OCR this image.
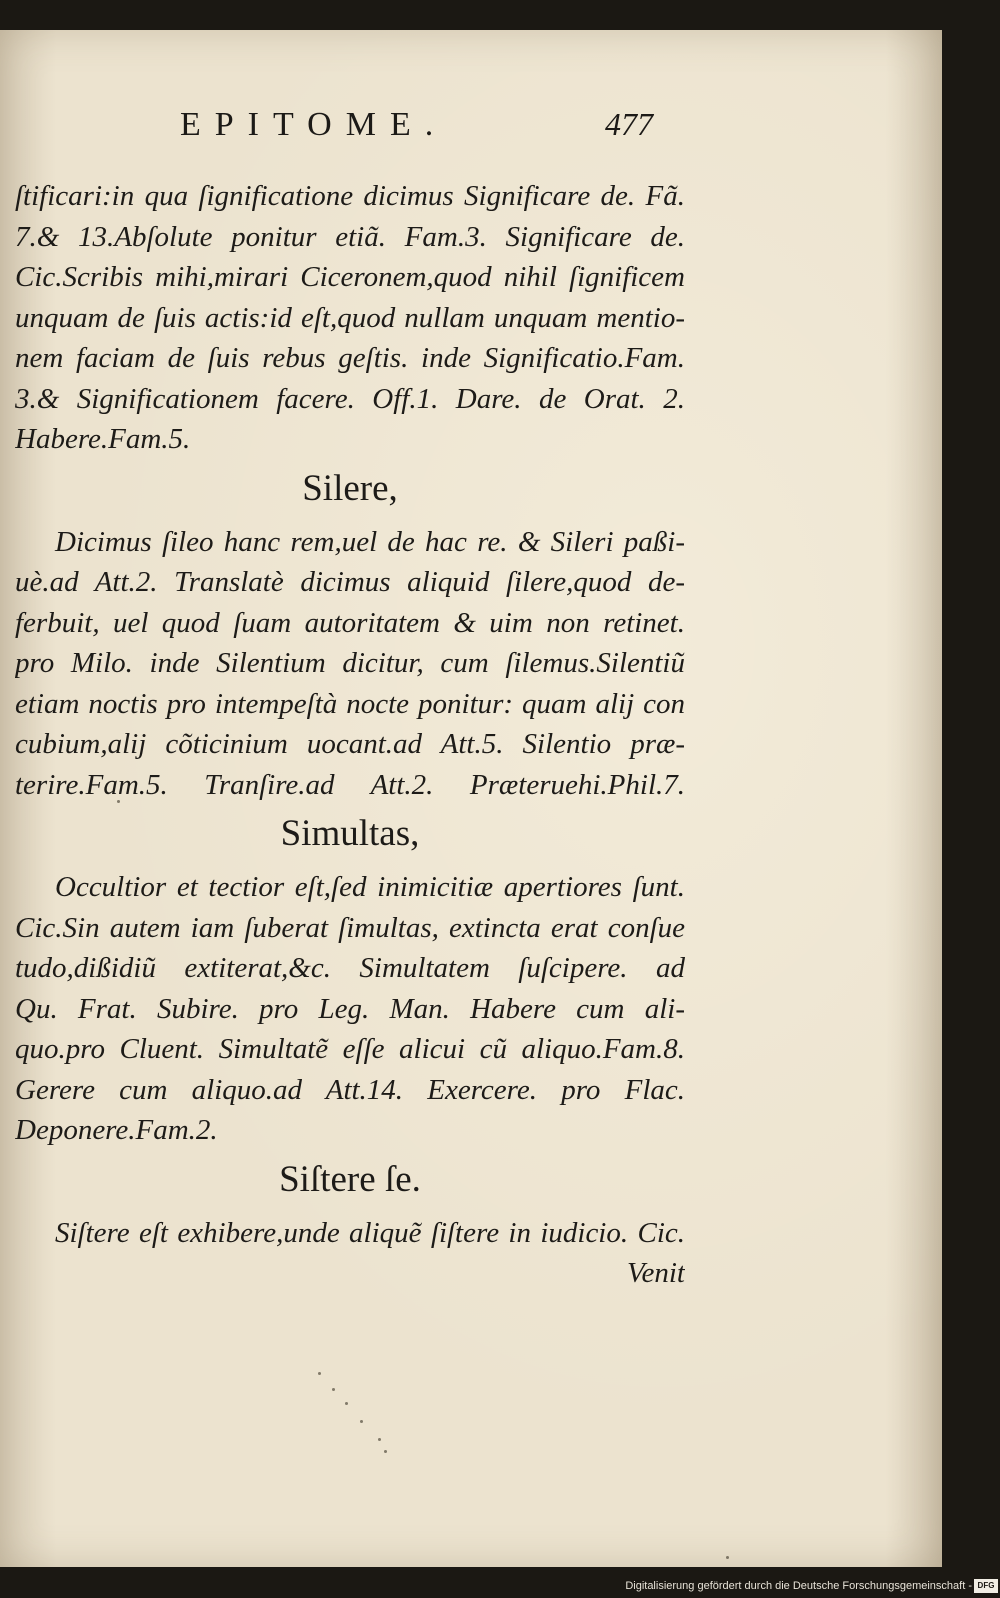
EPITOME.	477
ſtificari:in qua ſignificatione dicimus Significare de. Fã.
7.& 13.Abſolute ponitur etiã. Fam.3. Significare de.
Cic.Scribis mihi,mirari Ciceronem,quod nihil ſignificem
unquam de ſuis actis:id eſt,quod nullam unquam mentio-
nem faciam de ſuis rebus geſtis. inde Significatio.Fam.
3.& Significationem facere. Off.1. Dare. de Orat. 2.
Habere.Fam.5.
Silere,
Dicimus ſileo hanc rem,uel de hac re. & Sileri paßi-
uè.ad Att.2. Translatè dicimus aliquid ſilere,quod de-
ferbuit, uel quod ſuam autoritatem & uim non retinet.
pro Milo. inde Silentium dicitur, cum ſilemus.Silentiũ
etiam noctis pro intempeſtà nocte ponitur: quam alij con
cubium,alij cõticinium uocant.ad Att.5. Silentio præ-
terire.Fam.5. Tranſire.ad Att.2. Præteruehi.Phil.7.
Simultas,
Occultior et tectior eſt,ſed inimicitiæ apertiores ſunt.
Cic.Sin autem iam ſuberat ſimultas, extincta erat conſue
tudo,dißidiũ extiterat,&c. Simultatem ſuſcipere. ad
Qu. Frat. Subire. pro Leg. Man. Habere cum ali-
quo.pro Cluent. Simultatẽ eſſe alicui cũ aliquo.Fam.8.
Gerere cum aliquo.ad Att.14. Exercere. pro Flac.
Deponere.Fam.2.
Siſtere ſe.
Siſtere eſt exhibere,unde aliquẽ ſiſtere in iudicio. Cic.
Venit
Digitalisierung gefördert durch die Deutsche Forschungsgemeinschaft - DFG
